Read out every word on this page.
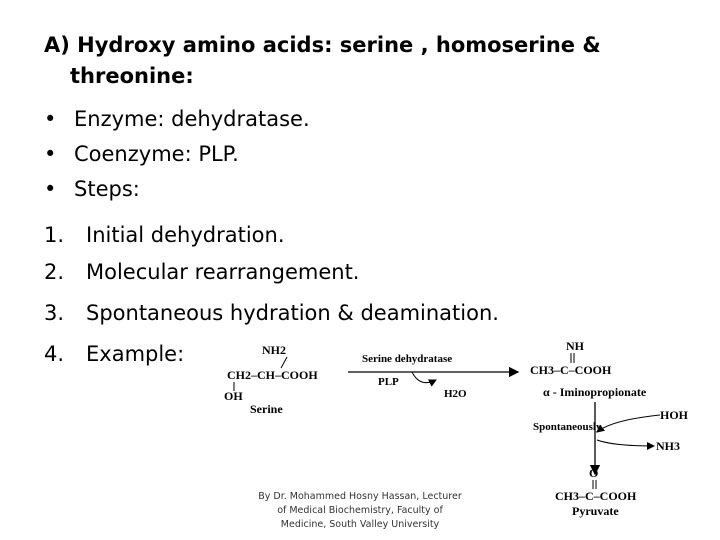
A) Hydroxy amino acids: serine , homoserine &
threonine:
• Enzyme: dehydratase.
• Coenzyme: PLP.
• Steps:
1. Initial dehydration.
2. Molecular rearrangement.
3. Spontaneous hydration & deamination.
4. Example:	NH2
CH2–CH–COOH
OH
Serine
Serine dehydratase
PLP
H2O
NH
CH3–C–COOH
α - Iminopropionate
HOH
Spontaneously
NH3
O
CH3–C–COOH
Pyruvate
By Dr. Mohammed Hosny Hassan, Lecturer
of Medical Biochemistry, Faculty of
Medicine, South Valley University
